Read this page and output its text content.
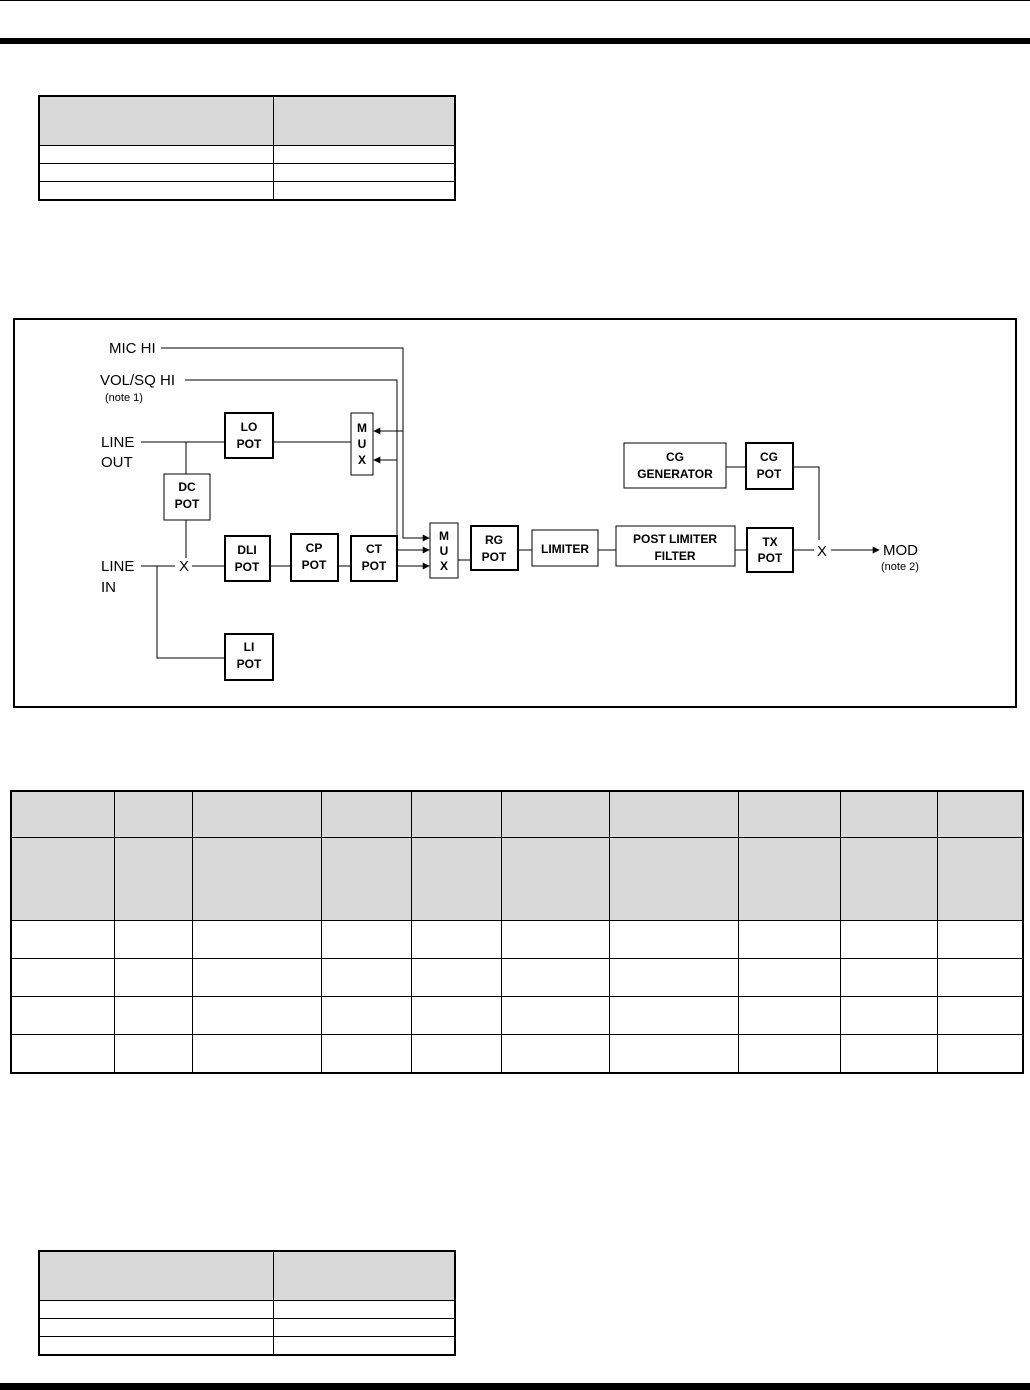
MIC HI
VOL/SQ HI
(note 1)
LINE
OUT
LINE
IN
MOD
(note 2)
X
X
LO
POT
DC
POT
M
U
X
DLI
POT
CP
POT
CT
POT
LI
POT
M
U
X
RG
POT
LIMITER
POST LIMITER
FILTER
TX
POT
CG
GENERATOR
CG
POT
